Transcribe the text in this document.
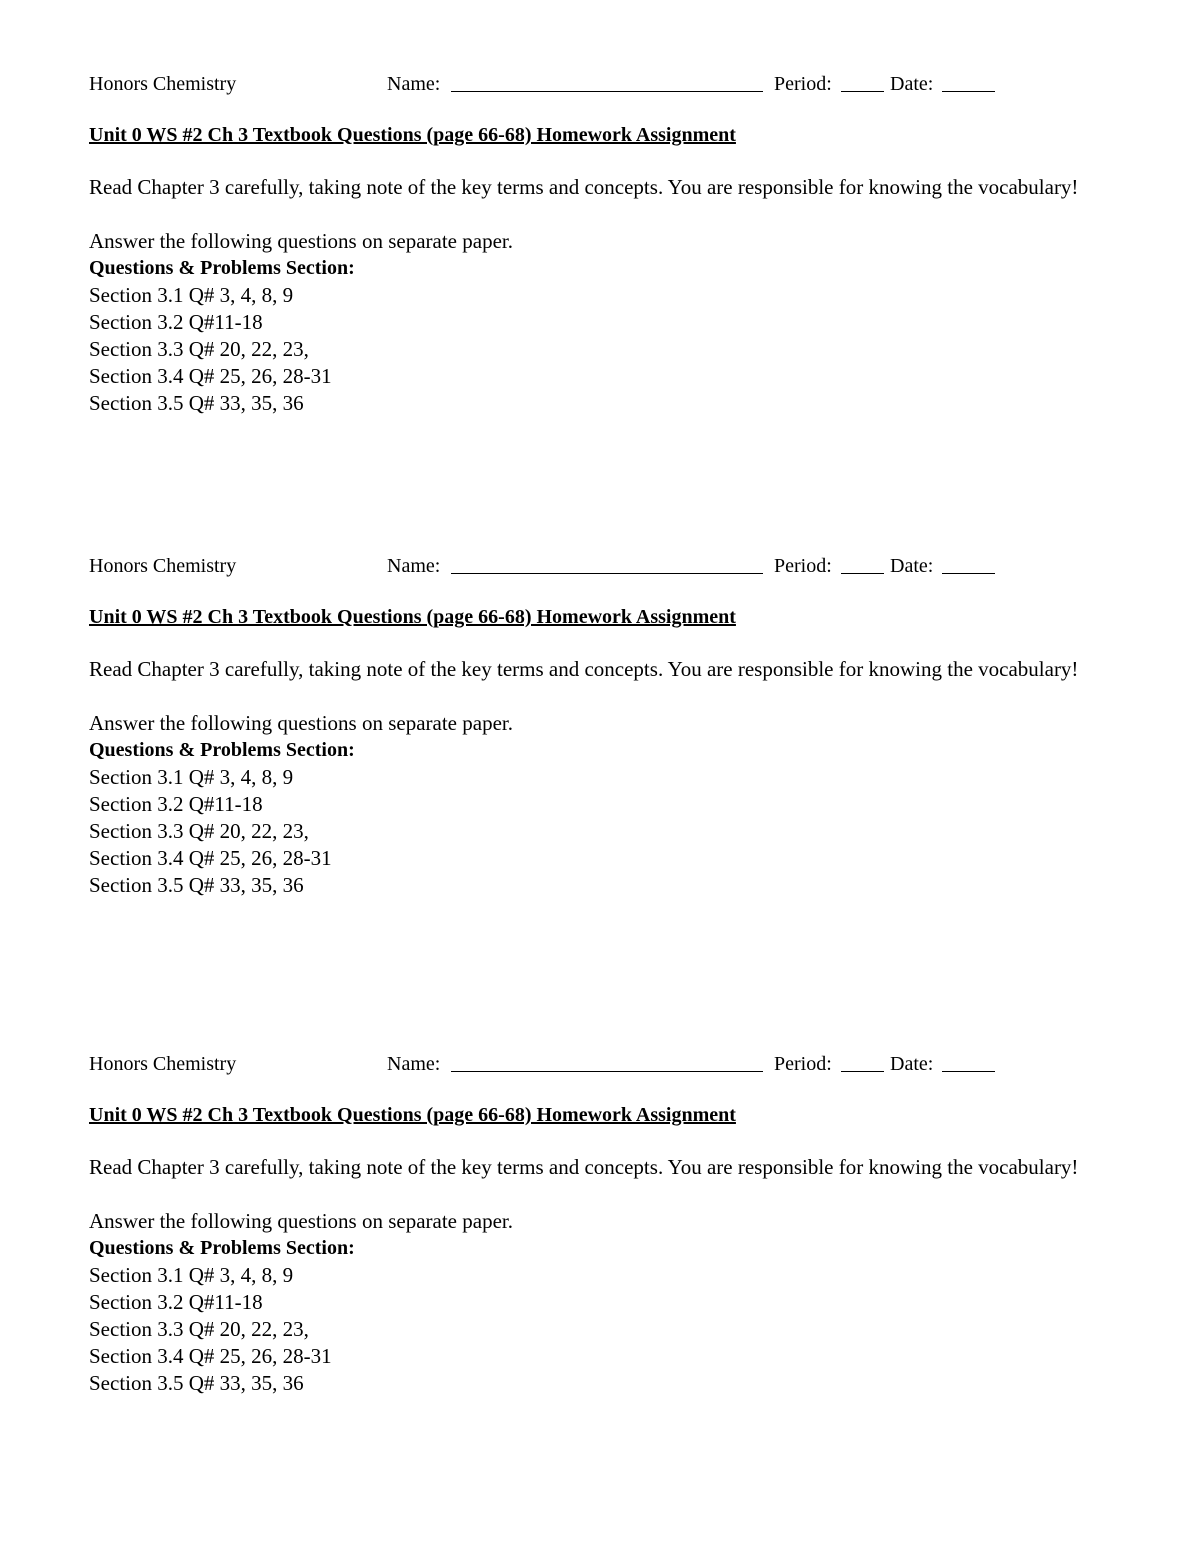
Honors Chemistry	Name:	Period:	Date:
Unit 0 WS #2 Ch 3 Textbook Questions (page 66-68) Homework Assignment
Read Chapter 3 carefully, taking note of the key terms and concepts. You are responsible for knowing the vocabulary!
Answer the following questions on separate paper.
Questions & Problems Section:
Section 3.1 Q# 3, 4, 8, 9
Section 3.2 Q#11-18
Section 3.3 Q# 20, 22, 23,
Section 3.4 Q# 25, 26, 28-31
Section 3.5 Q# 33, 35, 36
Honors Chemistry	Name:	Period:	Date:
Unit 0 WS #2 Ch 3 Textbook Questions (page 66-68) Homework Assignment
Read Chapter 3 carefully, taking note of the key terms and concepts. You are responsible for knowing the vocabulary!
Answer the following questions on separate paper.
Questions & Problems Section:
Section 3.1 Q# 3, 4, 8, 9
Section 3.2 Q#11-18
Section 3.3 Q# 20, 22, 23,
Section 3.4 Q# 25, 26, 28-31
Section 3.5 Q# 33, 35, 36
Honors Chemistry	Name:	Period:	Date:
Unit 0 WS #2 Ch 3 Textbook Questions (page 66-68) Homework Assignment
Read Chapter 3 carefully, taking note of the key terms and concepts. You are responsible for knowing the vocabulary!
Answer the following questions on separate paper.
Questions & Problems Section:
Section 3.1 Q# 3, 4, 8, 9
Section 3.2 Q#11-18
Section 3.3 Q# 20, 22, 23,
Section 3.4 Q# 25, 26, 28-31
Section 3.5 Q# 33, 35, 36
